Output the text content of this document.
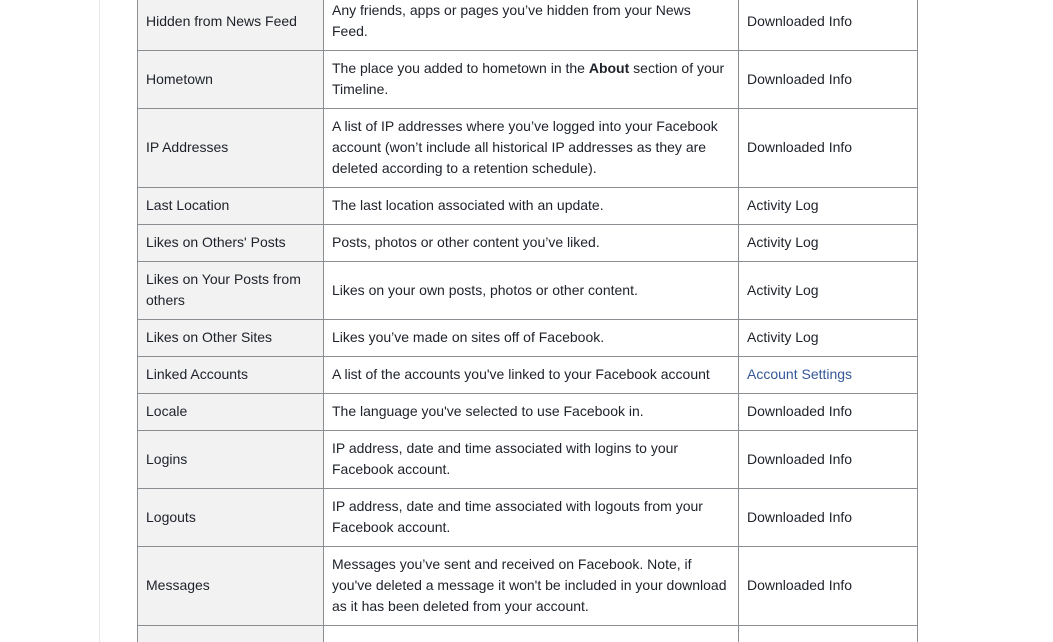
Hidden from News Feed	Any friends, apps or pages you’ve hidden from your News Feed.	Downloaded Info
Hometown	The place you added to hometown in the About section of your Timeline.	Downloaded Info
IP Addresses	A list of IP addresses where you’ve logged into your Facebook account (won’t include all historical IP addresses as they are deleted according to a retention schedule).	Downloaded Info
Last Location	The last location associated with an update.	Activity Log
Likes on Others' Posts	Posts, photos or other content you’ve liked.	Activity Log
Likes on Your Posts from others	Likes on your own posts, photos or other content.	Activity Log
Likes on Other Sites	Likes you’ve made on sites off of Facebook.	Activity Log
Linked Accounts	A list of the accounts you've linked to your Facebook account	Account Settings
Locale	The language you've selected to use Facebook in.	Downloaded Info
Logins	IP address, date and time associated with logins to your Facebook account.	Downloaded Info
Logouts	IP address, date and time associated with logouts from your Facebook account.	Downloaded Info
Messages	Messages you’ve sent and received on Facebook. Note, if you've deleted a message it won't be included in your download as it has been deleted from your account.	Downloaded Info
